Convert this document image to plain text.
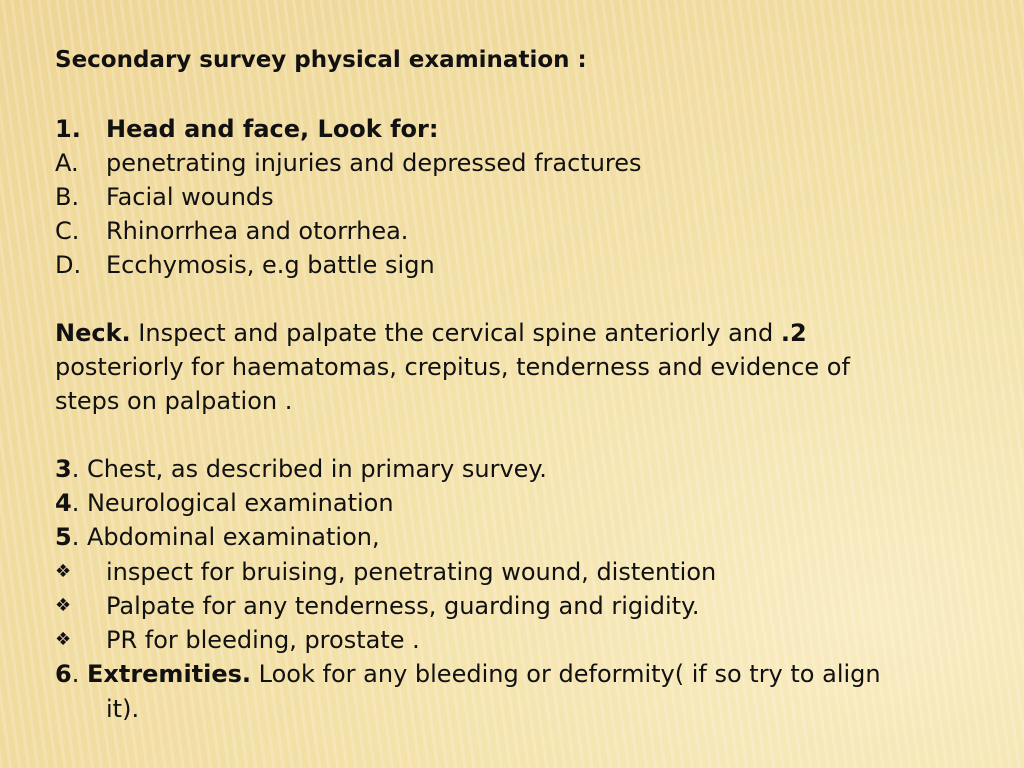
Secondary survey physical examination :
1. Head and face, Look for:
A. penetrating injuries and depressed fractures
B. Facial wounds
C. Rhinorrhea and otorrhea.
D. Ecchymosis, e.g battle sign
Neck. Inspect and palpate the cervical spine anteriorly and .2
posteriorly for haematomas, crepitus, tenderness and evidence of
steps on palpation .
3. Chest, as described in primary survey.
4. Neurological examination
5. Abdominal examination,
❖ inspect for bruising, penetrating wound, distention
❖ Palpate for any tenderness, guarding and rigidity.
❖ PR for bleeding, prostate .
6. Extremities. Look for any bleeding or deformity( if so try to align
it).
